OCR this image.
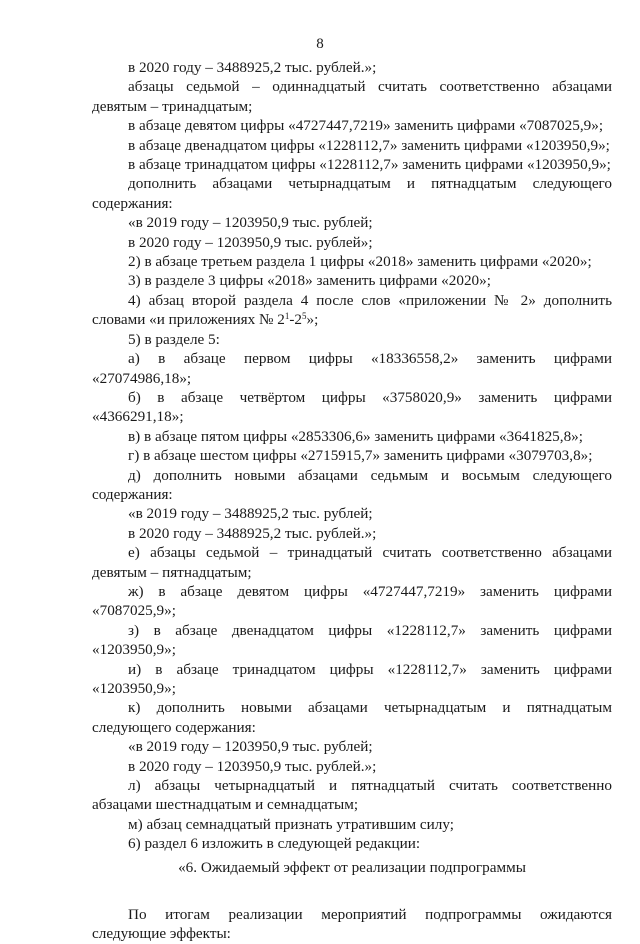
8

в 2020 году – 3488925,2 тыс. рублей.»;

абзацы седьмой – одиннадцатый считать соответственно абзацами девятым – тринадцатым;

в абзаце девятом цифры «4727447,7219» заменить цифрами «7087025,9»;

в абзаце двенадцатом цифры «1228112,7» заменить цифрами «1203950,9»;

в абзаце тринадцатом цифры «1228112,7» заменить цифрами «1203950,9»;

дополнить абзацами четырнадцатым и пятнадцатым следующего содержания:

«в 2019 году – 1203950,9 тыс. рублей;

в 2020 году – 1203950,9 тыс. рублей»;

2) в абзаце третьем раздела 1 цифры «2018» заменить цифрами «2020»;

3) в разделе 3 цифры «2018» заменить цифрами «2020»;

4) абзац второй раздела 4 после слов «приложении № 2» дополнить словами «и приложениях № $2^1-2^5$»;

5) в разделе 5:

а) в абзаце первом цифры «18336558,2» заменить цифрами «27074986,18»;

б) в абзаце четвёртом цифры «3758020,9» заменить цифрами «4366291,18»;

в) в абзаце пятом цифры «2853306,6» заменить цифрами «3641825,8»;

г) в абзаце шестом цифры «2715915,7» заменить цифрами «3079703,8»;

д) дополнить новыми абзацами седьмым и восьмым следующего содержания:

«в 2019 году – 3488925,2 тыс. рублей;

в 2020 году – 3488925,2 тыс. рублей.»;

е) абзацы седьмой – тринадцатый считать соответственно абзацами девятым – пятнадцатым;

ж) в абзаце девятом цифры «4727447,7219» заменить цифрами «7087025,9»;

з) в абзаце двенадцатом цифры «1228112,7» заменить цифрами «1203950,9»;

и) в абзаце тринадцатом цифры «1228112,7» заменить цифрами «1203950,9»;

к) дополнить новыми абзацами четырнадцатым и пятнадцатым следующего содержания:

«в 2019 году – 1203950,9 тыс. рублей;

в 2020 году – 1203950,9 тыс. рублей.»;

л) абзацы четырнадцатый и пятнадцатый считать соответственно абзацами шестнадцатым и семнадцатым;

м) абзац семнадцатый признать утратившим силу;

6) раздел 6 изложить в следующей редакции:

«6. Ожидаемый эффект от реализации подпрограммы

По итогам реализации мероприятий подпрограммы ожидаются следующие эффекты:
